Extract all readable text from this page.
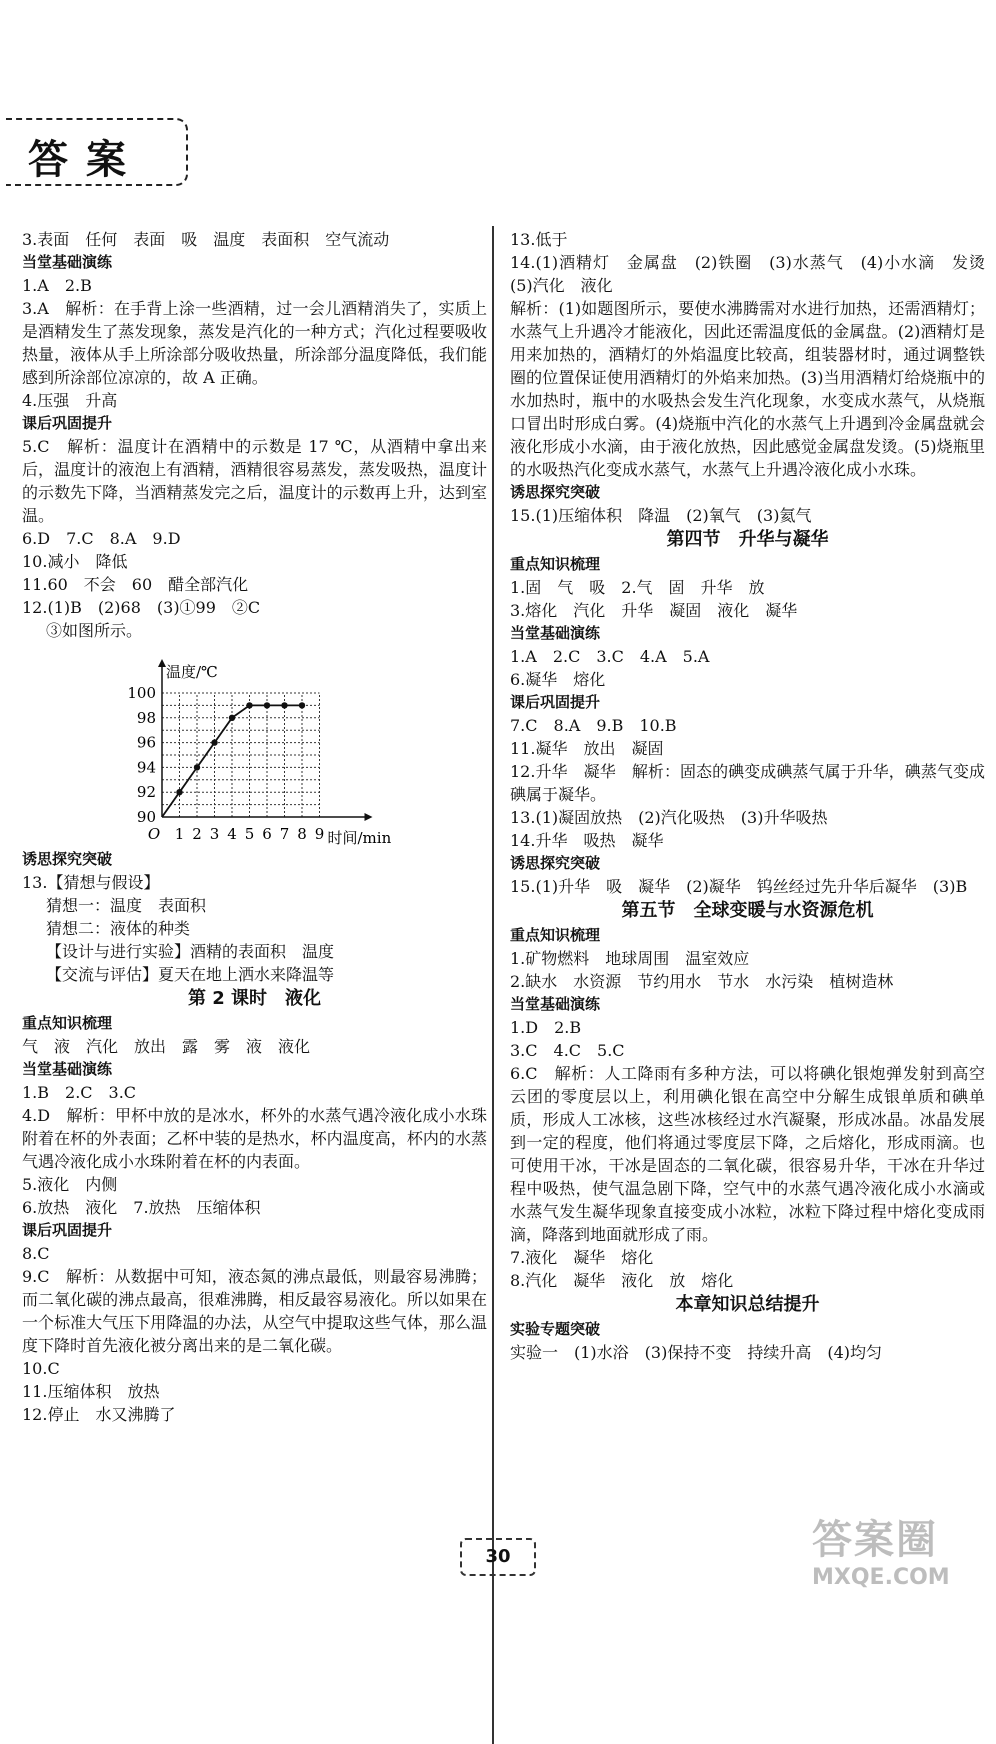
答案
3.表面　任何　表面　吸　温度　表面积　空气流动
当堂基础演练
1.A　2.B
3.A　解析：在手背上涂一些酒精，过一会儿酒精消失了，实质上是酒精发生了蒸发现象，蒸发是汽化的一种方式；汽化过程要吸收热量，液体从手上所涂部分吸收热量，所涂部分温度降低，我们能感到所涂部位凉凉的，故 A 正确。
4.压强　升高
课后巩固提升
5.C　解析：温度计在酒精中的示数是 17 ℃，从酒精中拿出来后，温度计的液泡上有酒精，酒精很容易蒸发，蒸发吸热，温度计的示数先下降，当酒精蒸发完之后，温度计的示数再上升，达到室温。
6.D　7.C　8.A　9.D
10.减小　降低
11.60　不会　60　醋全部汽化
12.(1)B　(2)68　(3)①99　②C
③如图所示。
90
92
94
96
98
100
O 1 2 3 4 5 6 7 8 9
温度/℃
时间/min
诱思探究突破
13.【猜想与假设】
猜想一：温度　表面积
猜想二：液体的种类
【设计与进行实验】酒精的表面积　温度
【交流与评估】夏天在地上洒水来降温等
第 2 课时　液化
重点知识梳理
气　液　汽化　放出　露　雾　液　液化
当堂基础演练
1.B　2.C　3.C
4.D　解析：甲杯中放的是冰水，杯外的水蒸气遇冷液化成小水珠附着在杯的外表面；乙杯中装的是热水，杯内温度高，杯内的水蒸气遇冷液化成小水珠附着在杯的内表面。
5.液化　内侧
6.放热　液化　7.放热　压缩体积
课后巩固提升
8.C
9.C　解析：从数据中可知，液态氮的沸点最低，则最容易沸腾；而二氧化碳的沸点最高，很难沸腾，相反最容易液化。所以如果在一个标准大气压下用降温的办法，从空气中提取这些气体，那么温度下降时首先液化被分离出来的是二氧化碳。
10.C
11.压缩体积　放热
12.停止　水又沸腾了
13.低于
14.(1)酒精灯　金属盘　(2)铁圈　(3)水蒸气　(4)小水滴　发烫　(5)汽化　液化
解析：(1)如题图所示，要使水沸腾需对水进行加热，还需酒精灯；水蒸气上升遇冷才能液化，因此还需温度低的金属盘。(2)酒精灯是用来加热的，酒精灯的外焰温度比较高，组装器材时，通过调整铁圈的位置保证使用酒精灯的外焰来加热。(3)当用酒精灯给烧瓶中的水加热时，瓶中的水吸热会发生汽化现象，水变成水蒸气，从烧瓶口冒出时形成白雾。(4)烧瓶中汽化的水蒸气上升遇到冷金属盘就会液化形成小水滴，由于液化放热，因此感觉金属盘发烫。(5)烧瓶里的水吸热汽化变成水蒸气，水蒸气上升遇冷液化成小水珠。
诱思探究突破
15.(1)压缩体积　降温　(2)氧气　(3)氦气
第四节　升华与凝华
重点知识梳理
1.固　气　吸　2.气　固　升华　放
3.熔化　汽化　升华　凝固　液化　凝华
当堂基础演练
1.A　2.C　3.C　4.A　5.A
6.凝华　熔化
课后巩固提升
7.C　8.A　9.B　10.B
11.凝华　放出　凝固
12.升华　凝华　解析：固态的碘变成碘蒸气属于升华，碘蒸气变成碘属于凝华。
13.(1)凝固放热　(2)汽化吸热　(3)升华吸热
14.升华　吸热　凝华
诱思探究突破
15.(1)升华　吸　凝华　(2)凝华　钨丝经过先升华后凝华　(3)B
第五节　全球变暖与水资源危机
重点知识梳理
1.矿物燃料　地球周围　温室效应
2.缺水　水资源　节约用水　节水　水污染　植树造林
当堂基础演练
1.D　2.B
3.C　4.C　5.C
6.C　解析：人工降雨有多种方法，可以将碘化银炮弹发射到高空云团的零度层以上，利用碘化银在高空中分解生成银单质和碘单质，形成人工冰核，这些冰核经过水汽凝聚，形成冰晶。冰晶发展到一定的程度，他们将通过零度层下降，之后熔化，形成雨滴。也可使用干冰，干冰是固态的二氧化碳，很容易升华，干冰在升华过程中吸热，使气温急剧下降，空气中的水蒸气遇冷液化成小水滴或水蒸气发生凝华现象直接变成小冰粒，冰粒下降过程中熔化变成雨滴，降落到地面就形成了雨。
7.液化　凝华　熔化
8.汽化　凝华　液化　放　熔化
本章知识总结提升
实验专题突破
实验一　(1)水浴　(3)保持不变　持续升高　(4)均匀
30	答案圈
MXQE.COM
